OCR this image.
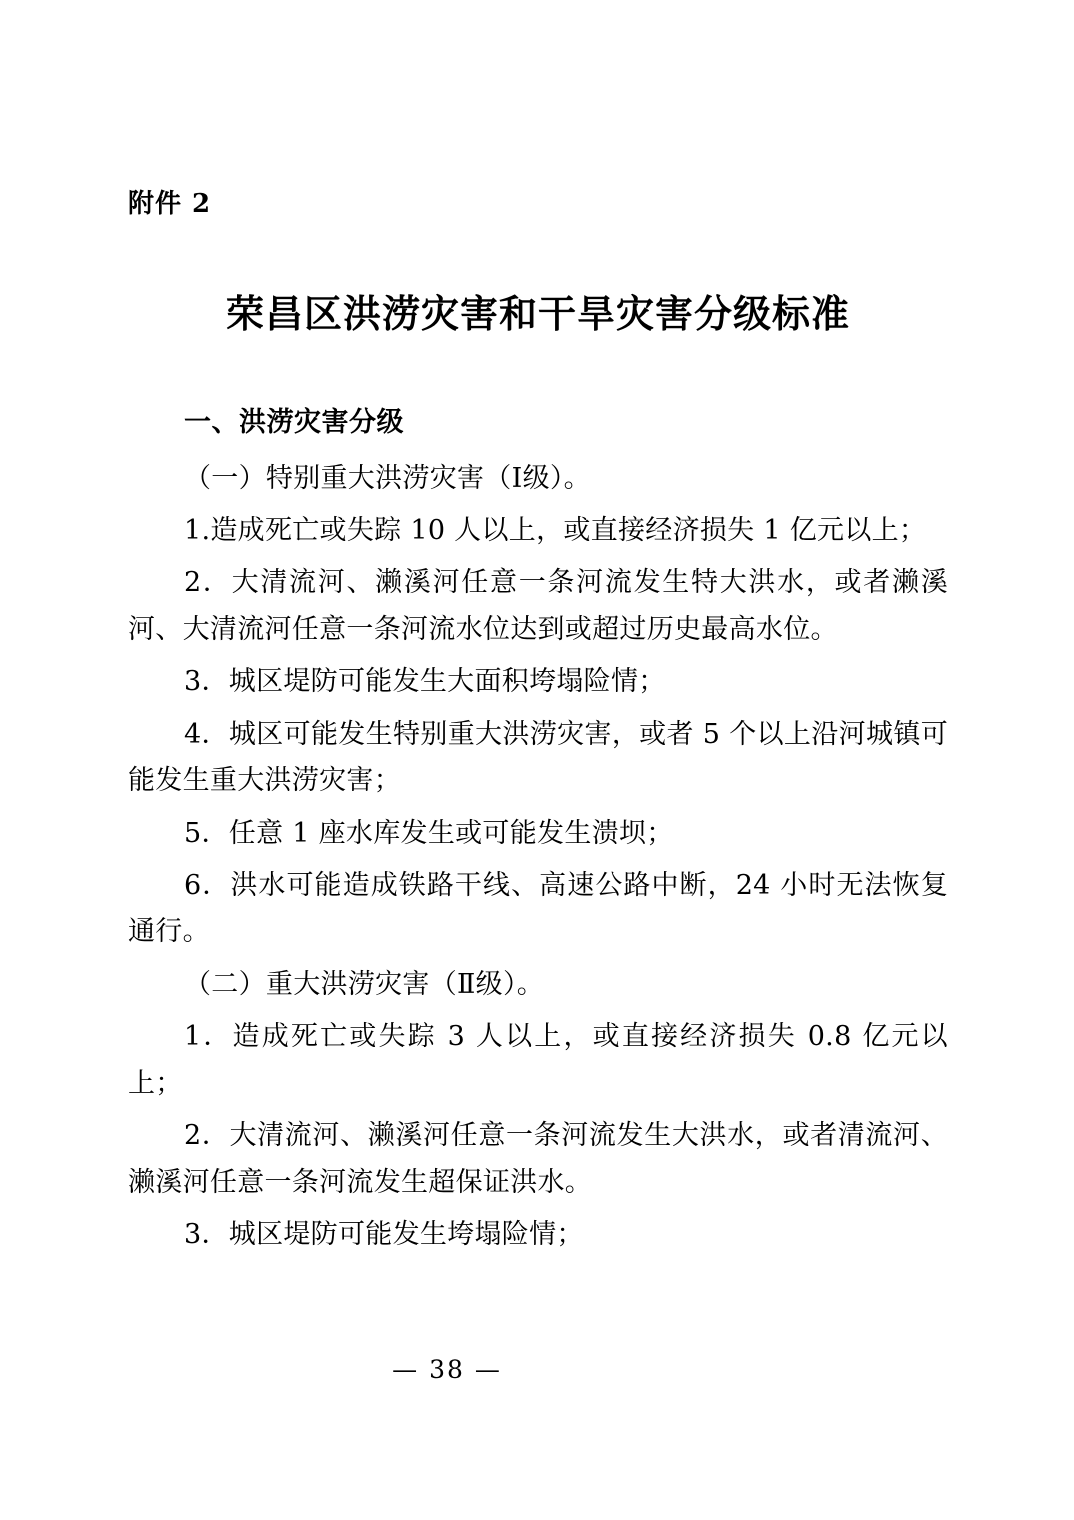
附件 2
荣昌区洪涝灾害和干旱灾害分级标准
一、洪涝灾害分级

（一）特别重大洪涝灾害（Ⅰ级）。

1.造成死亡或失踪 10 人以上，或直接经济损失 1 亿元以上；

2．大清流河、濑溪河任意一条河流发生特大洪水，或者濑溪河、大清流河任意一条河流水位达到或超过历史最高水位。

3．城区堤防可能发生大面积垮塌险情；

4．城区可能发生特别重大洪涝灾害，或者 5 个以上沿河城镇可能发生重大洪涝灾害；

5．任意 1 座水库发生或可能发生溃坝；

6．洪水可能造成铁路干线、高速公路中断，24 小时无法恢复通行。

（二）重大洪涝灾害（Ⅱ级）。

1．造成死亡或失踪 3 人以上，或直接经济损失 0.8 亿元以上；

2．大清流河、濑溪河任意一条河流发生大洪水，或者清流河、濑溪河任意一条河流发生超保证洪水。

3．城区堤防可能发生垮塌险情；

— 38 —
